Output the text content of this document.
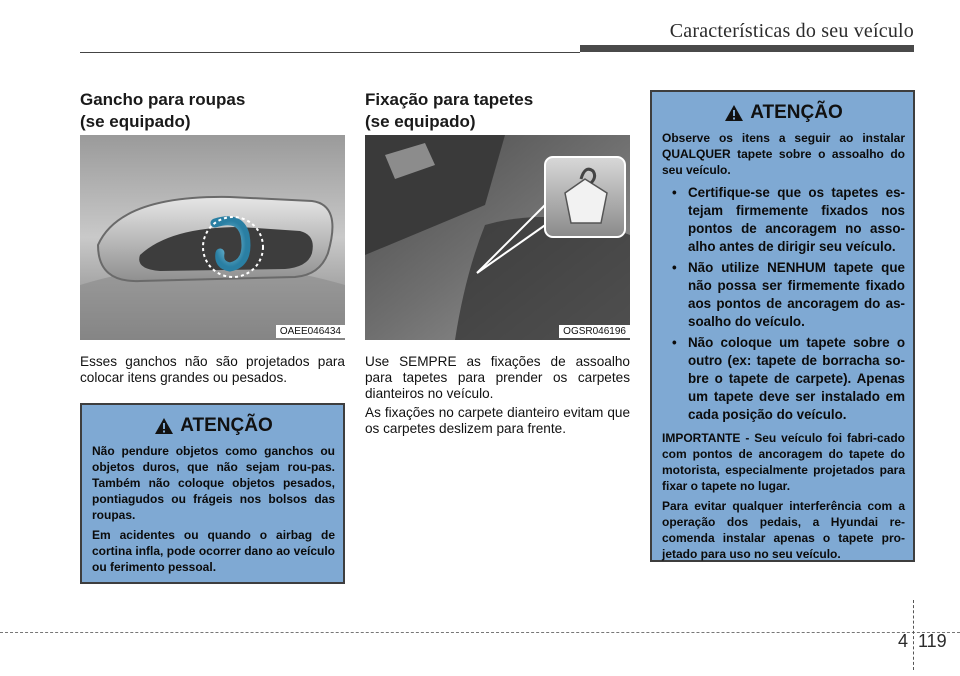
Características do seu veículo
Gancho para roupas
(se equipado)
OAEE046434

Esses ganchos não são projetados para colocar itens grandes ou pesados.

ATENÇÃO

Não pendure objetos como ganchos ou objetos duros, que não sejam rou-pas. Também não coloque objetos pesados, pontiagudos ou frágeis nos bolsos das roupas.

Em acidentes ou quando o airbag de cortina infla, pode ocorrer dano ao veículo ou ferimento pessoal.

Fixação para tapetes
(se equipado)
OGSR046196

Use SEMPRE as fixações de assoalho para tapetes para prender os carpetes dianteiros no veículo.

As fixações no carpete dianteiro evitam que os carpetes deslizem para frente.

ATENÇÃO

Observe os itens a seguir ao instalar QUALQUER tapete sobre o assoalho do seu veículo.

• Certifique-se que os tapetes es-tejam firmemente fixados nos pontos de ancoragem no asso-alho antes de dirigir seu veículo.
• Não utilize NENHUM tapete que não possa ser firmemente fixado aos pontos de ancoragem do as-soalho do veículo.
• Não coloque um tapete sobre o outro (ex: tapete de borracha so-bre o tapete de carpete). Apenas um tapete deve ser instalado em cada posição do veículo.

IMPORTANTE - Seu veículo foi fabri-cado com pontos de ancoragem do tapete do motorista, especialmente projetados para fixar o tapete no lugar.

Para evitar qualquer interferência com a operação dos pedais, a Hyundai re-comenda instalar apenas o tapete pro-jetado para uso no seu veículo.

4 119
